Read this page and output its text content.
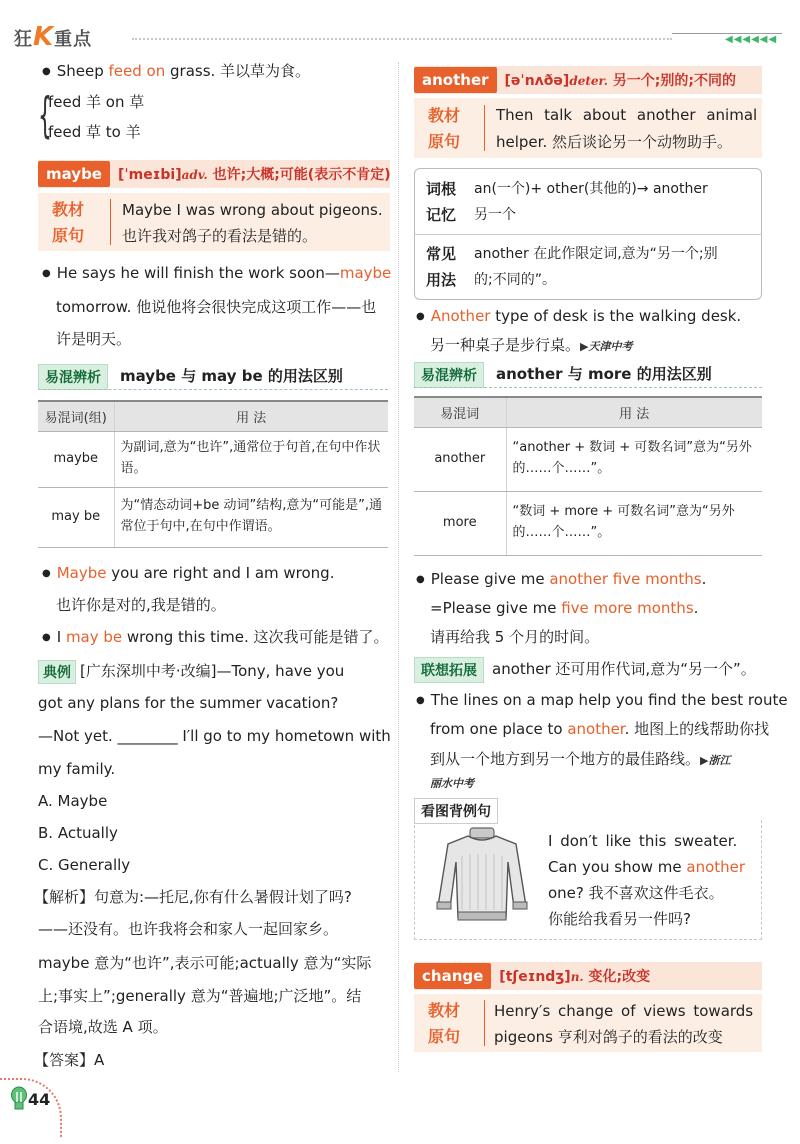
狂K重点	◀◀◀◀◀◀
● Sheep feed on grass. 羊以草为食。
{
feed 羊 on 草
feed 草 to 羊
maybe	[ˈmeɪbi]adv. 也许;大概;可能(表示不肯定)
教材
原句
Maybe I was wrong about pigeons.
也许我对鸽子的看法是错的。
● He says he will finish the work soon—maybe
tomorrow. 他说他将会很快完成这项工作——也
许是明天。
易混辨析	maybe 与 may be 的用法区别
易混词(组)	用 法
maybe	为副词,意为“也许”,通常位于句首,在句中作状语。
may be	为“情态动词+be 动词”结构,意为“可能是”,通常位于句中,在句中作谓语。
● Maybe you are right and I am wrong.
也许你是对的,我是错的。
● I may be wrong this time. 这次我可能是错了。
典例 [广东深圳中考·改编]—Tony, have you
got any plans for the summer vacation?
—Not yet. ________ I′ll go to my hometown with
my family.
A. Maybe
B. Actually
C. Generally
【解析】句意为:—托尼,你有什么暑假计划了吗?
——还没有。也许我将会和家人一起回家乡。
maybe 意为“也许”,表示可能;actually 意为“实际
上;事实上”;generally 意为“普遍地;广泛地”。结
合语境,故选 A 项。
【答案】A
another	[əˈnʌðə]deter. 另一个;别的;不同的
教材
原句
Then talk about another animal
helper. 然后谈论另一个动物助手。
词根
记忆
an(一个)+ other(其他的)→ another
另一个
常见
用法
another 在此作限定词,意为“另一个;别
的;不同的”。
● Another type of desk is the walking desk.
另一种桌子是步行桌。▶天津中考
易混辨析	another 与 more 的用法区别
易混词	用 法
another	“another + 数词 + 可数名词”意为“另外的……个……”。
more	“数词 + more + 可数名词”意为“另外的……个……”。
● Please give me another five months.
=Please give me five more months.
请再给我 5 个月的时间。
联想拓展	another 还可用作代词,意为“另一个”。
● The lines on a map help you find the best route
from one place to another. 地图上的线帮助你找
到从一个地方到另一个地方的最佳路线。▶浙江
丽水中考
看图背例句
I don′t like this sweater.
Can you show me another
one? 我不喜欢这件毛衣。
你能给我看另一件吗?
change	[tʃeɪndʒ]n. 变化;改变
教材
原句
Henry′s change of views towards
pigeons 亨利对鸽子的看法的改变
44
